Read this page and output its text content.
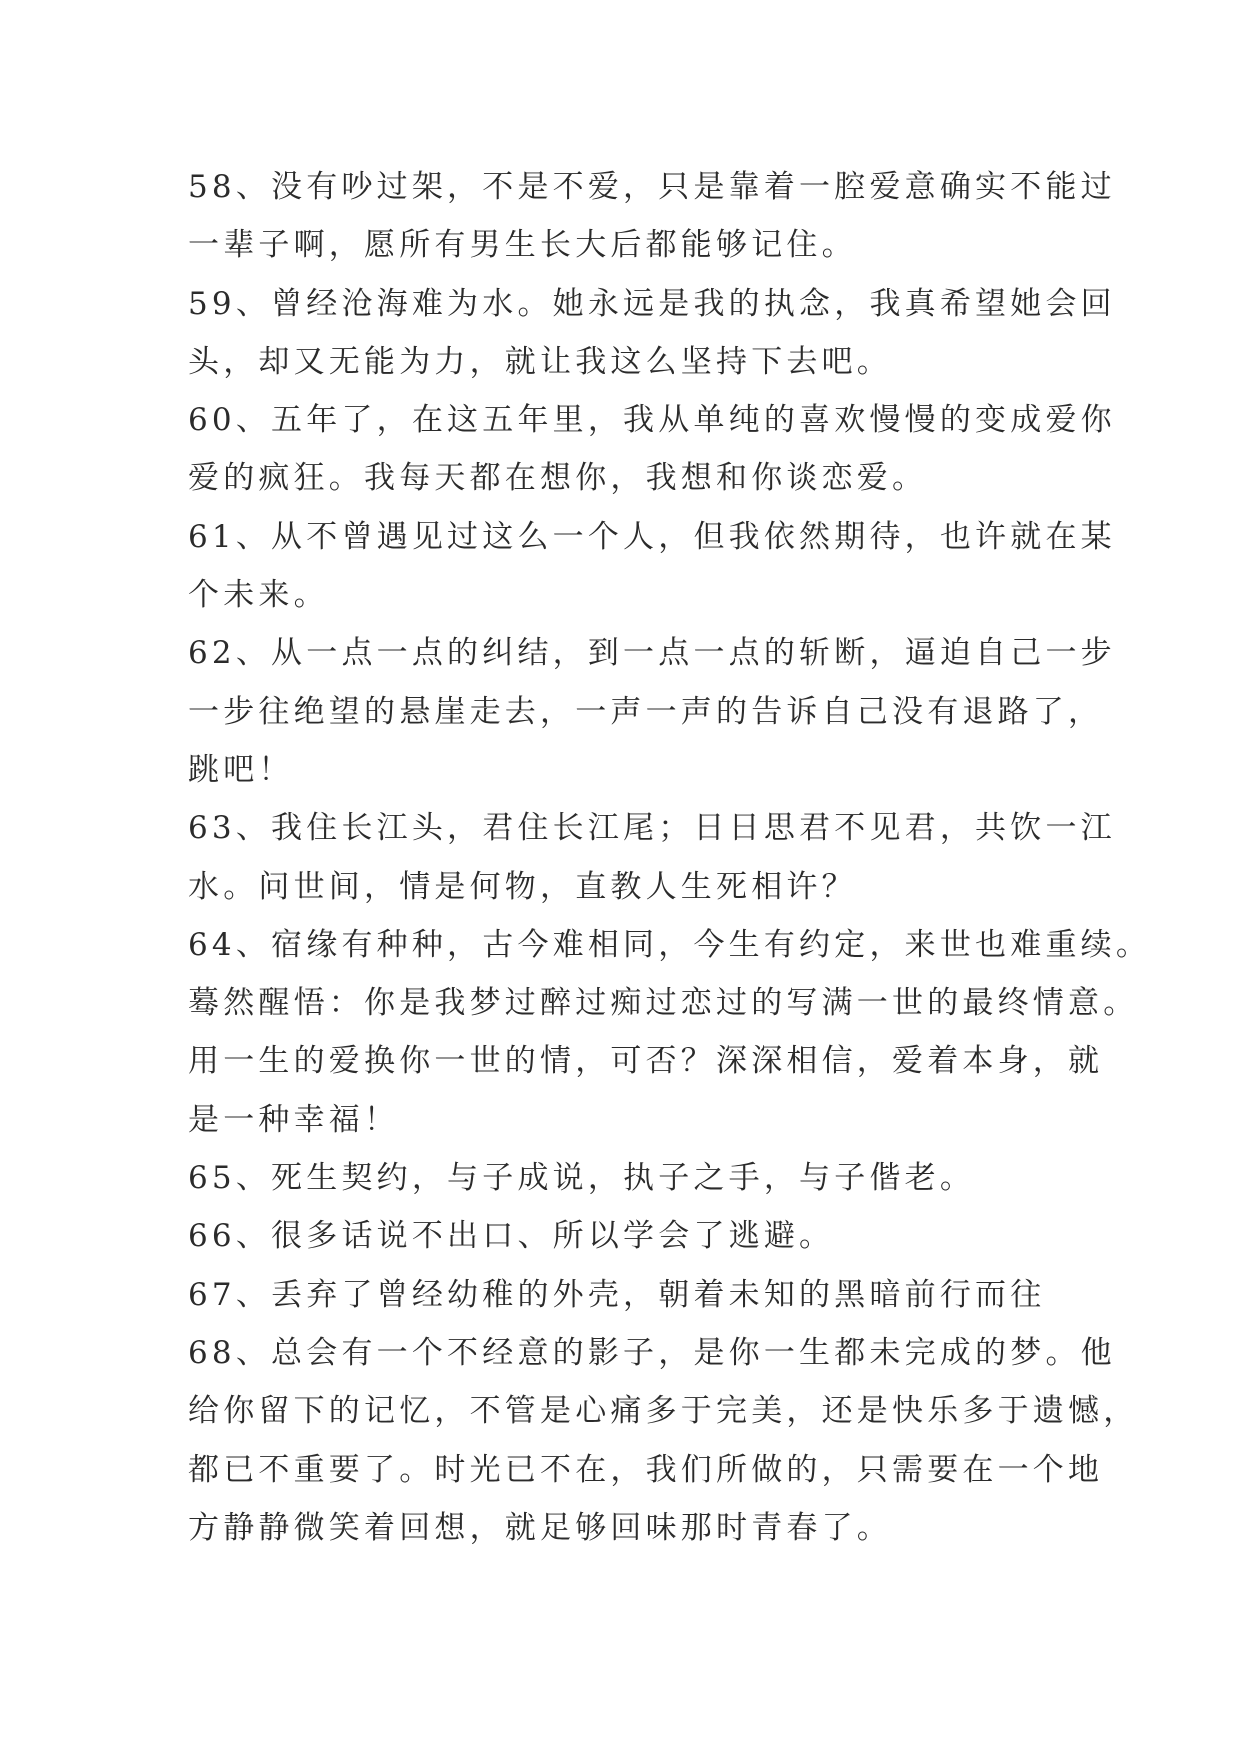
58、没有吵过架，不是不爱，只是靠着一腔爱意确实不能过
一辈子啊，愿所有男生长大后都能够记住。
59、曾经沧海难为水。她永远是我的执念，我真希望她会回
头，却又无能为力，就让我这么坚持下去吧。
60、五年了，在这五年里，我从单纯的喜欢慢慢的变成爱你
爱的疯狂。我每天都在想你，我想和你谈恋爱。
61、从不曾遇见过这么一个人，但我依然期待，也许就在某
个未来。
62、从一点一点的纠结，到一点一点的斩断，逼迫自己一步
一步往绝望的悬崖走去，一声一声的告诉自己没有退路了，
跳吧！
63、我住长江头，君住长江尾；日日思君不见君，共饮一江
水。问世间，情是何物，直教人生死相许？
64、宿缘有种种，古今难相同，今生有约定，来世也难重续。
蓦然醒悟：你是我梦过醉过痴过恋过的写满一世的最终情意。
用一生的爱换你一世的情，可否？深深相信，爱着本身，就
是一种幸福！
65、死生契约，与子成说，执子之手，与子偕老。
66、很多话说不出口、所以学会了逃避。
67、丢弃了曾经幼稚的外壳，朝着未知的黑暗前行而往
68、总会有一个不经意的影子，是你一生都未完成的梦。他
给你留下的记忆，不管是心痛多于完美，还是快乐多于遗憾，
都已不重要了。时光已不在，我们所做的，只需要在一个地
方静静微笑着回想，就足够回味那时青春了。
